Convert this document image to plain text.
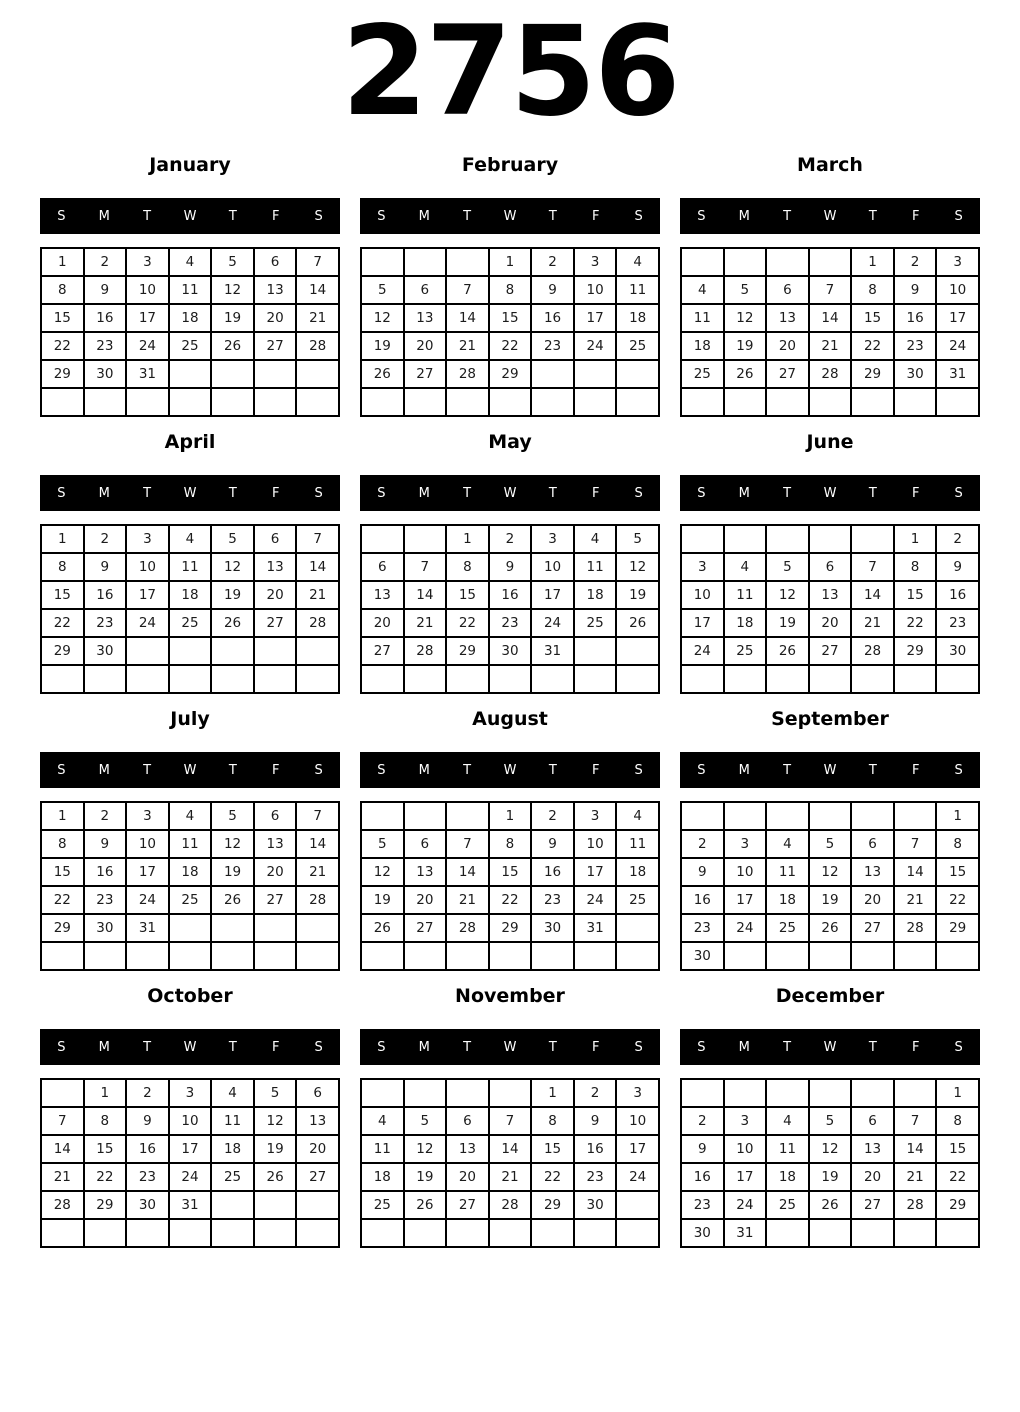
2756
January
S	M	T	W	T	F	S
1	2	3	4	5	6	7
8	9	10	11	12	13	14
15	16	17	18	19	20	21
22	23	24	25	26	27	28
29	30	31				

February
S	M	T	W	T	F	S
			1	2	3	4
5	6	7	8	9	10	11
12	13	14	15	16	17	18
19	20	21	22	23	24	25
26	27	28	29			

March
S	M	T	W	T	F	S
				1	2	3
4	5	6	7	8	9	10
11	12	13	14	15	16	17
18	19	20	21	22	23	24
25	26	27	28	29	30	31

April
S	M	T	W	T	F	S
1	2	3	4	5	6	7
8	9	10	11	12	13	14
15	16	17	18	19	20	21
22	23	24	25	26	27	28
29	30					

May
S	M	T	W	T	F	S
		1	2	3	4	5
6	7	8	9	10	11	12
13	14	15	16	17	18	19
20	21	22	23	24	25	26
27	28	29	30	31		

June
S	M	T	W	T	F	S
					1	2
3	4	5	6	7	8	9
10	11	12	13	14	15	16
17	18	19	20	21	22	23
24	25	26	27	28	29	30

July
S	M	T	W	T	F	S
1	2	3	4	5	6	7
8	9	10	11	12	13	14
15	16	17	18	19	20	21
22	23	24	25	26	27	28
29	30	31				

August
S	M	T	W	T	F	S
			1	2	3	4
5	6	7	8	9	10	11
12	13	14	15	16	17	18
19	20	21	22	23	24	25
26	27	28	29	30	31	

September
S	M	T	W	T	F	S
						1
2	3	4	5	6	7	8
9	10	11	12	13	14	15
16	17	18	19	20	21	22
23	24	25	26	27	28	29
30						
October
S	M	T	W	T	F	S
	1	2	3	4	5	6
7	8	9	10	11	12	13
14	15	16	17	18	19	20
21	22	23	24	25	26	27
28	29	30	31			

November
S	M	T	W	T	F	S
				1	2	3
4	5	6	7	8	9	10
11	12	13	14	15	16	17
18	19	20	21	22	23	24
25	26	27	28	29	30	

December
S	M	T	W	T	F	S
						1
2	3	4	5	6	7	8
9	10	11	12	13	14	15
16	17	18	19	20	21	22
23	24	25	26	27	28	29
30	31					
